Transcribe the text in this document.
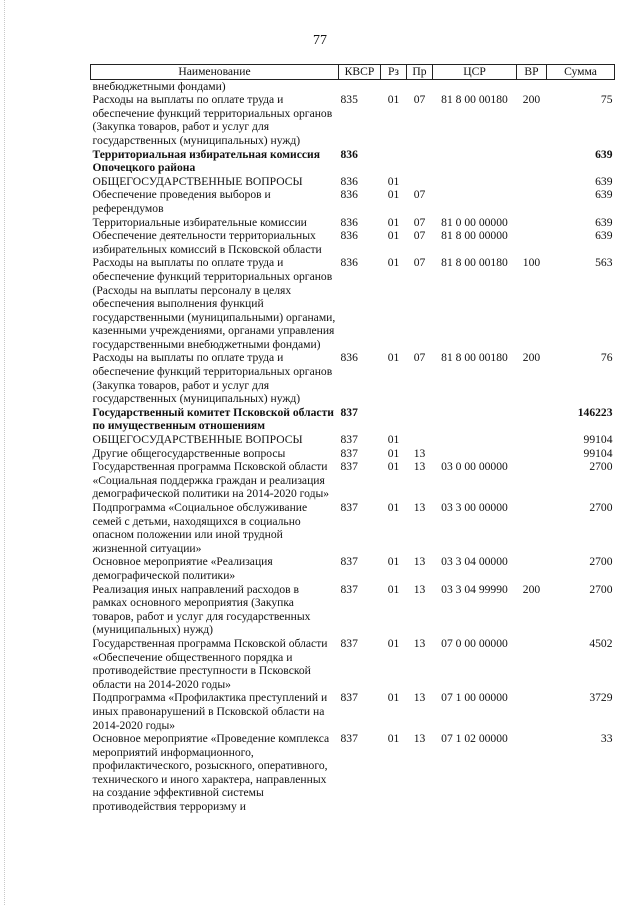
77
Наименование	КВСР	Рз	Пр	ЦСР	ВР	Сумма
внебюджетными фондами)						
Расходы на выплаты по оплате труда и обеспечение функций территориальных органов (Закупка товаров, работ и услуг для государственных (муниципальных) нужд)	835	01	07	81 8 00 00180	200	75
Территориальная избирательная комиссия Опочецкого района	836					639
ОБЩЕГОСУДАРСТВЕННЫЕ ВОПРОСЫ	836	01				639
Обеспечение проведения выборов и референдумов	836	01	07			639
Территориальные избирательные комиссии	836	01	07	81 0 00 00000		639
Обеспечение деятельности территориальных избирательных комиссий в Псковской области	836	01	07	81 8 00 00000		639
Расходы на выплаты по оплате труда и обеспечение функций территориальных органов (Расходы на выплаты персоналу в целях обеспечения выполнения функций государственными (муниципальными) органами, казенными учреждениями, органами управления государственными внебюджетными фондами)	836	01	07	81 8 00 00180	100	563
Расходы на выплаты по оплате труда и обеспечение функций территориальных органов (Закупка товаров, работ и услуг для государственных (муниципальных) нужд)	836	01	07	81 8 00 00180	200	76
Государственный комитет Псковской области по имущественным отношениям	837					146223
ОБЩЕГОСУДАРСТВЕННЫЕ ВОПРОСЫ	837	01				99104
Другие общегосударственные вопросы	837	01	13			99104
Государственная программа Псковской области «Социальная поддержка граждан и реализация демографической политики на 2014-2020 годы»	837	01	13	03 0 00 00000		2700
Подпрограмма «Социальное обслуживание семей с детьми, находящихся в социально опасном положении или иной трудной жизненной ситуации»	837	01	13	03 3 00 00000		2700
Основное мероприятие «Реализация демографической политики»	837	01	13	03 3 04 00000		2700
Реализация иных направлений расходов в рамках основного мероприятия (Закупка товаров, работ и услуг для государственных (муниципальных) нужд)	837	01	13	03 3 04 99990	200	2700
Государственная программа Псковской области «Обеспечение общественного порядка и противодействие преступности в Псковской области на 2014-2020 годы»	837	01	13	07 0 00 00000		4502
Подпрограмма «Профилактика преступлений и иных правонарушений в Псковской области на 2014-2020 годы»	837	01	13	07 1 00 00000		3729
Основное мероприятие «Проведение комплекса мероприятий информационного, профилактического, розыскного, оперативного, технического и иного характера, направленных на создание эффективной системы противодействия терроризму и	837	01	13	07 1 02 00000		33
